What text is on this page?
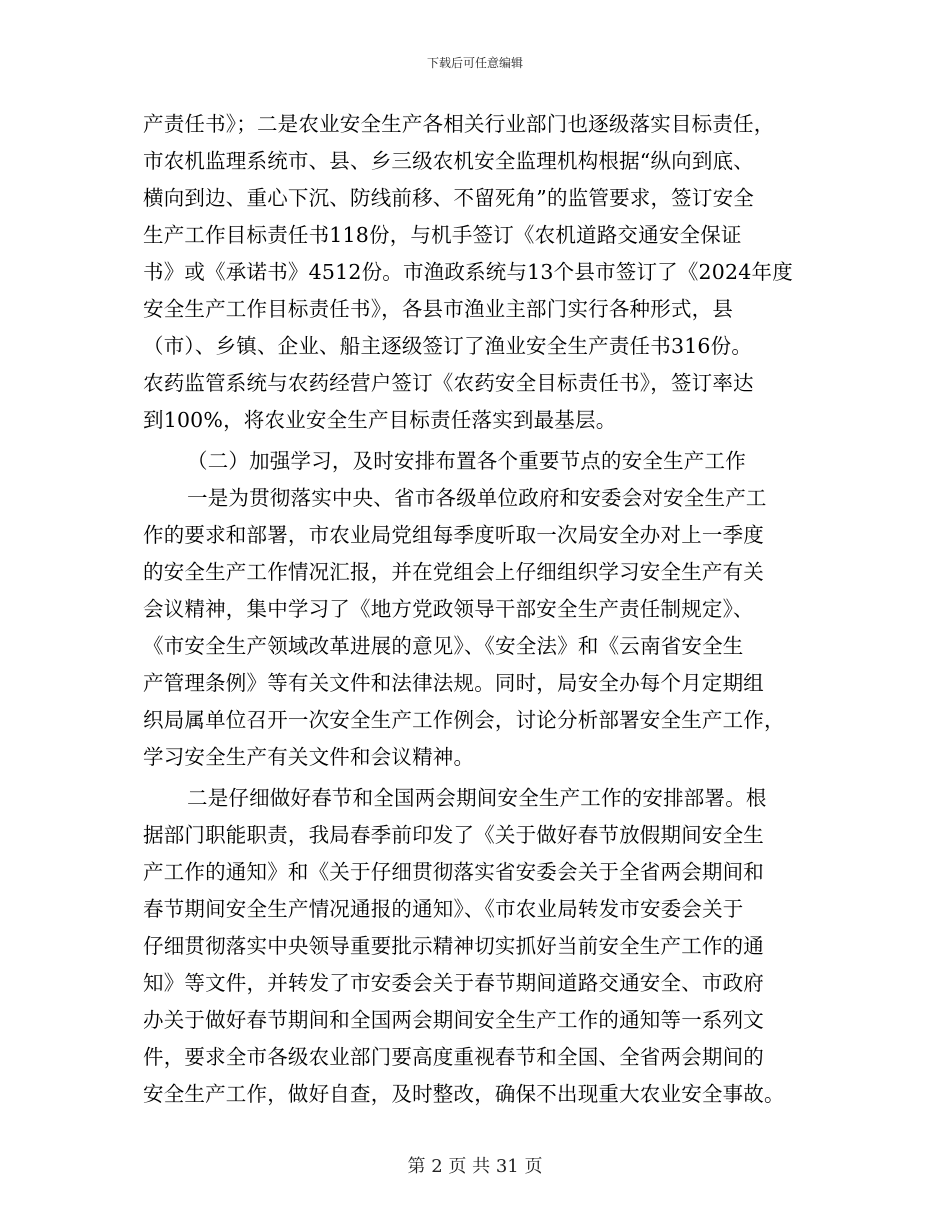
下载后可任意编辑
产责任书》；二是农业安全生产各相关行业部门也逐级落实目标责任，
市农机监理系统市、县、乡三级农机安全监理机构根据“纵向到底、
横向到边、重心下沉、防线前移、不留死角”的监管要求，签订安全
生产工作目标责任书118份，与机手签订《农机道路交通安全保证
书》或《承诺书》4512份。市渔政系统与13个县市签订了《2024年度
安全生产工作目标责任书》，各县市渔业主部门实行各种形式，县
（市）、乡镇、企业、船主逐级签订了渔业安全生产责任书316份。
农药监管系统与农药经营户签订《农药安全目标责任书》，签订率达
到100%，将农业安全生产目标责任落实到最基层。
（二）加强学习，及时安排布置各个重要节点的安全生产工作
一是为贯彻落实中央、省市各级单位政府和安委会对安全生产工
作的要求和部署，市农业局党组每季度听取一次局安全办对上一季度
的安全生产工作情况汇报，并在党组会上仔细组织学习安全生产有关
会议精神，集中学习了《地方党政领导干部安全生产责任制规定》、
《市安全生产领域改革进展的意见》、《安全法》和《云南省安全生
产管理条例》等有关文件和法律法规。同时，局安全办每个月定期组
织局属单位召开一次安全生产工作例会，讨论分析部署安全生产工作，
学习安全生产有关文件和会议精神。
二是仔细做好春节和全国两会期间安全生产工作的安排部署。根
据部门职能职责，我局春季前印发了《关于做好春节放假期间安全生
产工作的通知》和《关于仔细贯彻落实省安委会关于全省两会期间和
春节期间安全生产情况通报的通知》、《市农业局转发市安委会关于
仔细贯彻落实中央领导重要批示精神切实抓好当前安全生产工作的通
知》等文件，并转发了市安委会关于春节期间道路交通安全、市政府
办关于做好春节期间和全国两会期间安全生产工作的通知等一系列文
件，要求全市各级农业部门要高度重视春节和全国、全省两会期间的
安全生产工作，做好自查，及时整改，确保不出现重大农业安全事故。
第 2 页 共 31 页
